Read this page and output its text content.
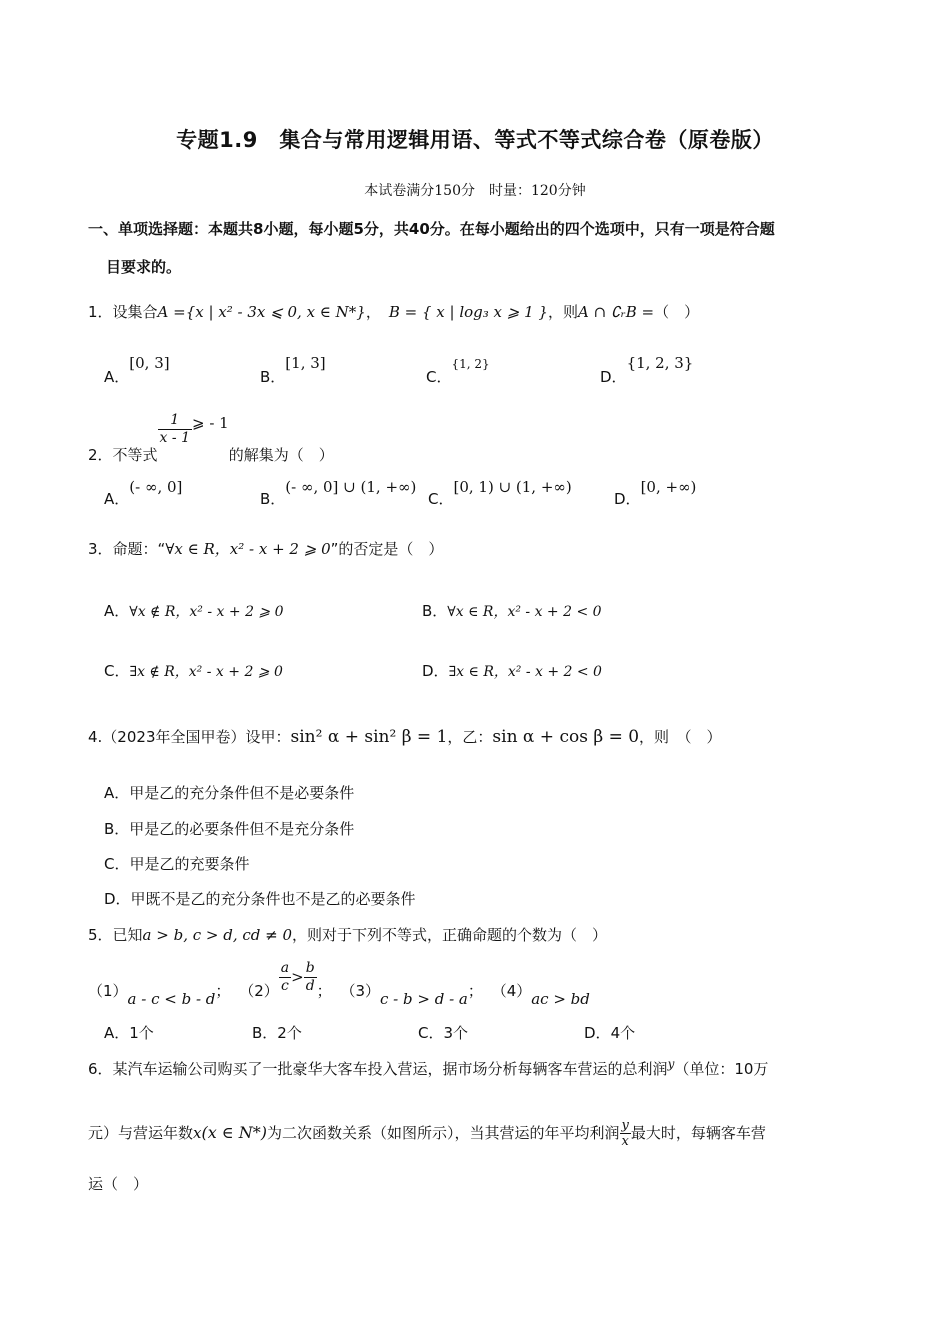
专题1.9　集合与常用逻辑用语、等式不等式综合卷（原卷版）
本试卷满分150分　时量：120分钟
一、单项选择题：本题共8小题，每小题5分，共40分。在每小题给出的四个选项中，只有一项是符合题
目要求的。
1．设集合A ={x | x² - 3x ⩽ 0, x ∈ N*}， B = { x | log₃ x ⩾ 1 }，则A ∩ ∁ᵣB =（　）
A．[0, 3]
B．[1, 3]
C．$^{\{1, 2\}}$
D．{1, 2, 3}
2．不等式
$\frac{1}{x - 1}$ ⩾ - 1的解集为（　）
A．(- ∞, 0]
B．(- ∞, 0] ∪ (1, +∞)
C．[0, 1) ∪ (1, +∞)
D．[0, +∞)
3．命题：“∀x ∈ R，x² - x + 2 ⩾ 0”的否定是（　）
A．∀x ∉ R，x² - x + 2 ⩾ 0	B．∀x ∈ R，x² - x + 2 < 0
C．∃x ∉ R，x² - x + 2 ⩾ 0	D．∃x ∈ R，x² - x + 2 < 0
4.（2023年全国甲卷）设甲：sin² α + sin² β = 1，乙：sin α + cos β = 0，则　（　）
A．甲是乙的充分条件但不是必要条件
B．甲是乙的必要条件但不是充分条件
C．甲是乙的充要条件
D．甲既不是乙的充分条件也不是乙的必要条件
5．已知a > b, c > d, cd ≠ 0，则对于下列不等式，正确命题的个数为（　）
（1）a - c < b - d； $(2) \frac{a}{c} > \frac{b}{d}$ ； （3）c - b > d - a； （4）ac > bd
A．1个	B．2个	C．3个	D．4个
6．某汽车运输公司购买了一批豪华大客车投入营运，据市场分析每辆客车营运的总利润$^y$（单位：10万
元）与营运年数x(x ∈ N*)为二次函数关系（如图所示），当其营运的年平均利润 $\frac{y}{x}$ 最大时，每辆客车营
运（　）
